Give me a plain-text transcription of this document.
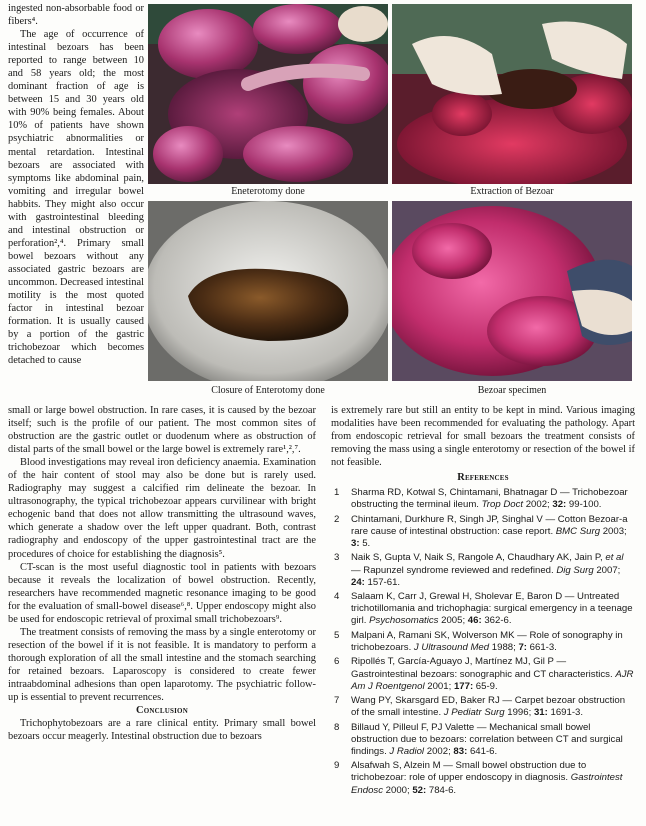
ingested non-absorbable food or fibers⁴.

The age of occurrence of intestinal bezoars has been reported to range between 10 and 58 years old; the most dominant fraction of age is between 15 and 30 years old with 90% being females. About 10% of patients have shown psychiatric abnormalities or mental retardation. Intestinal bezoars are associated with symptoms like abdominal pain, vomiting and irregular bowel habbits. They might also occur with gastrointestinal bleeding and intestinal obstruction or perforation²,⁴. Primary small bowel bezoars without any associated gastric bezoars are uncommon. Decreased intestinal motility is the most quoted factor in intestinal bezoar formation. It is usually caused by a portion of the gastric trichobezoar which becomes detached to cause

Eneterotomy done	Extraction of Bezoar
Closure of Enterotomy done	Bezoar specimen

small or large bowel obstruction. In rare cases, it is caused by the bezoar itself; such is the profile of our patient. The most common sites of obstruction are the gastric outlet or duodenum where as obstruction of distal parts of the small bowel or the large bowel is extremely rare¹,²,⁷.

Blood investigations may reveal iron deficiency anaemia. Examination of the hair content of stool may also be done but is rarely used. Radiography may suggest a calcified rim delineate the bezoar. In ultrasonography, the typical trichobezoar appears curvilinear with bright echogenic band that does not allow transmitting the ultrasound waves, which generate a shadow over the left upper quadrant. Both, contrast radiography and endoscopy of the upper gastrointestinal tract are the procedures of choice for establishing the diagnosis⁵.

CT-scan is the most useful diagnostic tool in patients with bezoars because it reveals the localization of bowel obstruction. Recently, researchers have recommended magnetic resonance imaging to be good for the evaluation of small-bowel disease⁶,⁸. Upper endoscopy might also be used for endoscopic retrieval of proximal small trichobezoars⁹.

The treatment consists of removing the mass by a single enterotomy or resection of the bowel if it is not feasible. It is mandatory to perform a thorough exploration of all the small intestine and the stomach searching for retained bezoars. Laparoscopy is considered to create fewer intraabdominal adhesions than open laparotomy. The psychiatric follow-up is essential to prevent recurrences.

Conclusion

Trichophytobezoars are a rare clinical entity. Primary small bowel bezoars occur meagerly. Intestinal obstruction due to bezoars

is extremely rare but still an entity to be kept in mind. Various imaging modalities have been recommended for evaluating the pathology. Apart from endoscopic retrieval for small bezoars the treatment consists of removing the mass using a single enterotomy or resection of the bowel if not feasible.

References
1	Sharma RD, Kotwal S, Chintamani, Bhatnagar D — Trichobezoar obstructing the terminal ileum. Trop Doct 2002; 32: 99-100.
2	Chintamani, Durkhure R, Singh JP, Singhal V — Cotton Bezoar-a rare cause of intestinal obstruction: case report. BMC Surg 2003; 3: 5.
3	Naik S, Gupta V, Naik S, Rangole A, Chaudhary AK, Jain P, et al — Rapunzel syndrome reviewed and redefined. Dig Surg 2007; 24: 157-61.
4	Salaam K, Carr J, Grewal H, Sholevar E, Baron D — Untreated trichotillomania and trichophagia: surgical emergency in a teenage girl. Psychosomatics 2005; 46: 362-6.
5	Malpani A, Ramani SK, Wolverson MK — Role of sonography in trichobezoars. J Ultrasound Med 1988; 7: 661-3.
6	Ripollés T, García-Aguayo J, Martínez MJ, Gil P — Gastrointestinal bezoars: sonographic and CT characteristics. AJR Am J Roentgenol 2001; 177: 65-9.
7	Wang PY, Skarsgard ED, Baker RJ — Carpet bezoar obstruction of the small intestine. J Pediatr Surg 1996; 31: 1691-3.
8	Billaud Y, Pilleul F, PJ Valette — Mechanical small bowel obstruction due to bezoars: correlation between CT and surgical findings. J Radiol 2002; 83: 641-6.
9	Alsafwah S, Alzein M — Small bowel obstruction due to trichobezoar: role of upper endoscopy in diagnosis. Gastrointest Endosc 2000; 52: 784-6.
